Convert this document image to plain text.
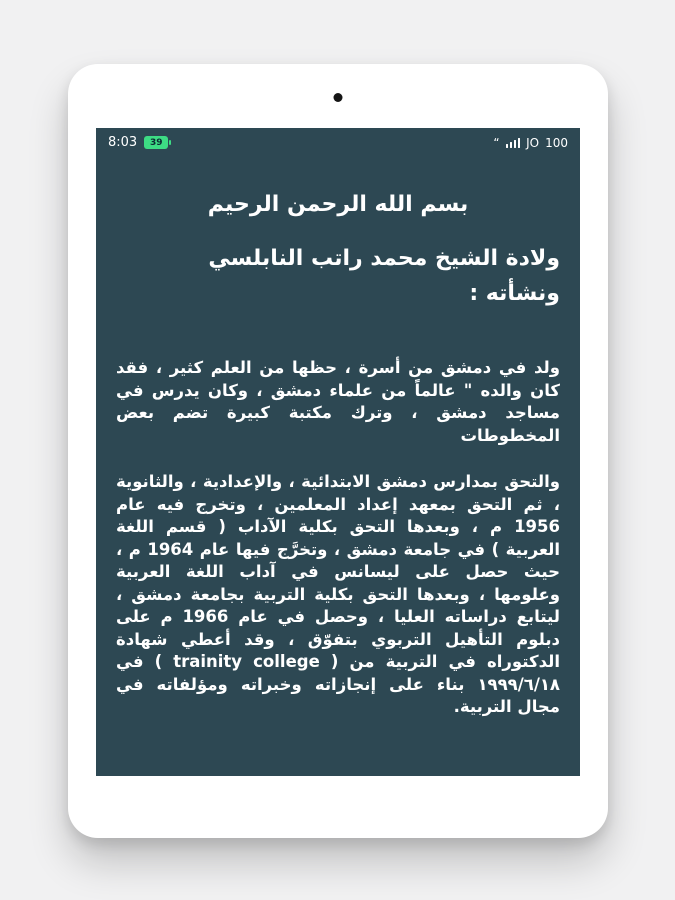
8:03 39	“ JO 100
بسم الله الرحمن الرحيم
ولادة الشيخ محمد راتب النابلسي
ونشأته :

ولد في دمشق من أسرة ، حظها من العلم كثير ، فقد كان والده " عالماً من علماء دمشق ، وكان يدرس في مساجد دمشق ، وترك مكتبة كبيرة تضم بعض المخطوطات

والتحق بمدارس دمشق الابتدائية ، والإعدادية ، والثانوية ، ثم التحق بمعهد إعداد المعلمين ، وتخرج فيه عام 1956 م ، وبعدها التحق بكلية الآداب ( قسم اللغة العربية ) في جامعة دمشق ، وتخرَّج فيها عام 1964 م ، حيث حصل على ليسانس في آداب اللغة العربية وعلومها ، وبعدها التحق بكلية التربية بجامعة دمشق ، ليتابع دراساته العليا ، وحصل في عام 1966 م على دبلوم التأهيل التربوي بتفوّق ، وقد أعطي شهادة الدكتوراه في التربية من ( trainity college ) في ١٩٩٩/٦/١٨ بناء على إنجازاته وخبراته ومؤلفاته في مجال التربية.
